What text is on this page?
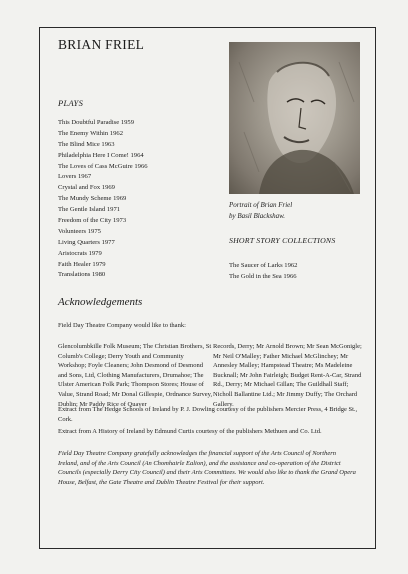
BRIAN FRIEL
PLAYS
This Doubtful Paradise 1959
The Enemy Within 1962
The Blind Mice 1963
Philadelphia Here I Come! 1964
The Loves of Cass McGuire 1966
Lovers 1967
Crystal and Fox 1969
The Mundy Scheme 1969
The Gentle Island 1971
Freedom of the City 1973
Volunteers 1975
Living Quarters 1977
Aristocrats 1979
Faith Healer 1979
Translations 1980
Portrait of Brian Friel
by Basil Blackshaw.
SHORT STORY COLLECTIONS
The Saucer of Larks 1962
The Gold in the Sea 1966
Acknowledgements
Field Day Theatre Company would like to thank:
Glencolumbkille Folk Museum; The Christian Brothers, St Columb's College; Derry Youth and Community Workshop; Foyle Cleaners; John Desmond of Desmond and Sons, Ltd, Clothing Manufacturers, Drumahoe; The Ulster American Folk Park; Thompson Stores; House of Value, Strand Road; Mr Donal Gillespie, Ordnance Survey, Dublin; Mr Paddy Rice of Quaver
Records, Derry; Mr Arnold Brown; Mr Sean McGonigle; Mr Neil O'Malley; Father Michael McGlinchey; Mr Annesley Malley; Hampstead Theatre; Ms Madeleine Bucknall; Mr John Fairleigh; Budget Rent-A-Car, Strand Rd., Derry; Mr Michael Gillan; The Guildhall Staff; Nicholl Ballantine Ltd.; Mr Jimmy Duffy; The Orchard Gallery.
Extract from The Hedge Schools of Ireland by P. J. Dowling courtesy of the publishers Mercier Press, 4 Bridge St., Cork.
Extract from A History of Ireland by Edmund Curtis courtesy of the publishers Methuen and Co. Ltd.
Field Day Theatre Company gratefully acknowledges the financial support of the Arts Council of Northern Ireland, and of the Arts Council (An Chomhairle Ealion), and the assistance and co-operation of the District Councils (especially Derry City Council) and their Arts Committees. We would also like to thank the Grand Opera House, Belfast, the Gate Theatre and Dublin Theatre Festival for their support.
